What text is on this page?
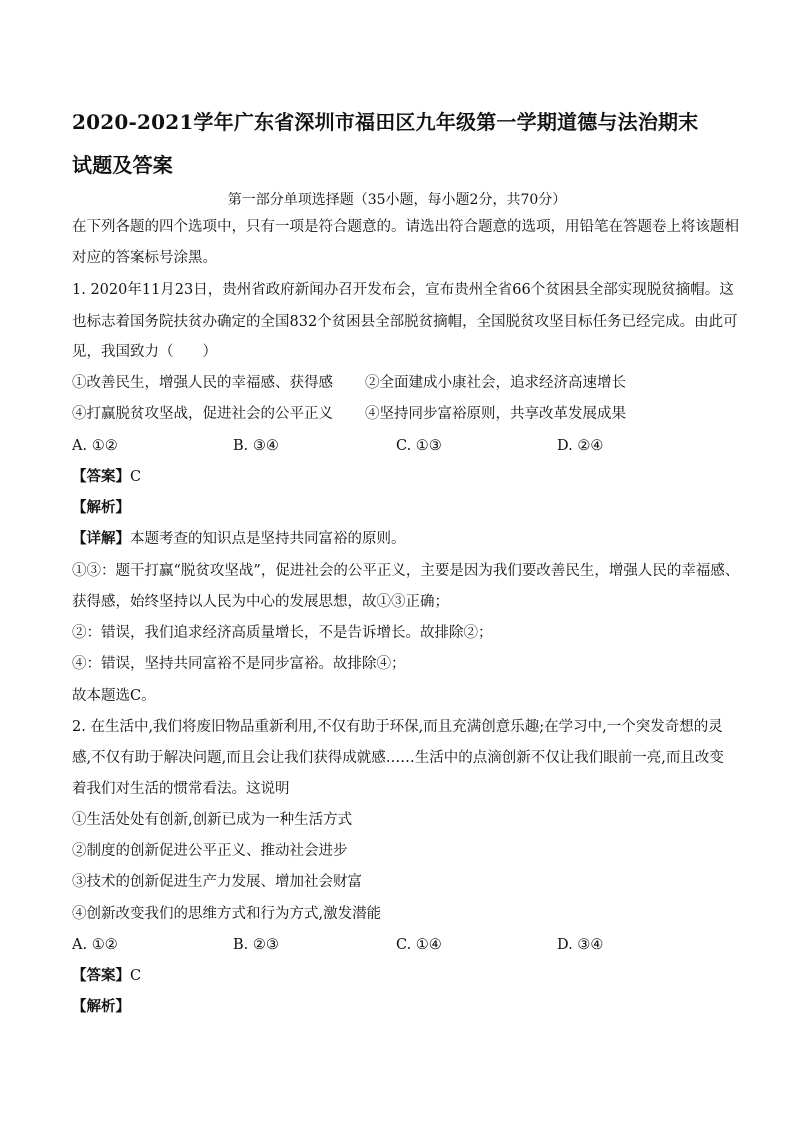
2020-2021学年广东省深圳市福田区九年级第一学期道德与法治期末
试题及答案
第一部分单项选择题（35小题，每小题2分，共70分）
在下列各题的四个选项中，只有一项是符合题意的。请选出符合题意的选项，用铅笔在答题卷上将该题相
对应的答案标号涂黑。
1. 2020年11月23日，贵州省政府新闻办召开发布会，宣布贵州全省66个贫困县全部实现脱贫摘帽。这
也标志着国务院扶贫办确定的全国832个贫困县全部脱贫摘帽，全国脱贫攻坚目标任务已经完成。由此可
见，我国致力（　　）
①改善民生，增强人民的幸福感、获得感 ②全面建成小康社会，追求经济高速增长
④打赢脱贫攻坚战，促进社会的公平正义 ④坚持同步富裕原则，共享改革发展成果
A. ①②	B. ③④	C. ①③	D. ②④
【答案】C
【解析】
【详解】本题考查的知识点是坚持共同富裕的原则。
①③：题干打赢“脱贫攻坚战”，促进社会的公平正义，主要是因为我们要改善民生，增强人民的幸福感、
获得感，始终坚持以人民为中心的发展思想，故①③正确；
②：错误，我们追求经济高质量增长，不是告诉增长。故排除②；
④：错误，坚持共同富裕不是同步富裕。故排除④；
故本题选C。
2. 在生活中,我们将废旧物品重新利用,不仅有助于环保,而且充满创意乐趣;在学习中,一个突发奇想的灵
感,不仅有助于解决问题,而且会让我们获得成就感……生活中的点滴创新不仅让我们眼前一亮,而且改变
着我们对生活的惯常看法。这说明
①生活处处有创新,创新已成为一种生活方式
②制度的创新促进公平正义、推动社会进步
③技术的创新促进生产力发展、增加社会财富
④创新改变我们的思维方式和行为方式,激发潜能
A. ①②	B. ②③	C. ①④	D. ③④
【答案】C
【解析】
